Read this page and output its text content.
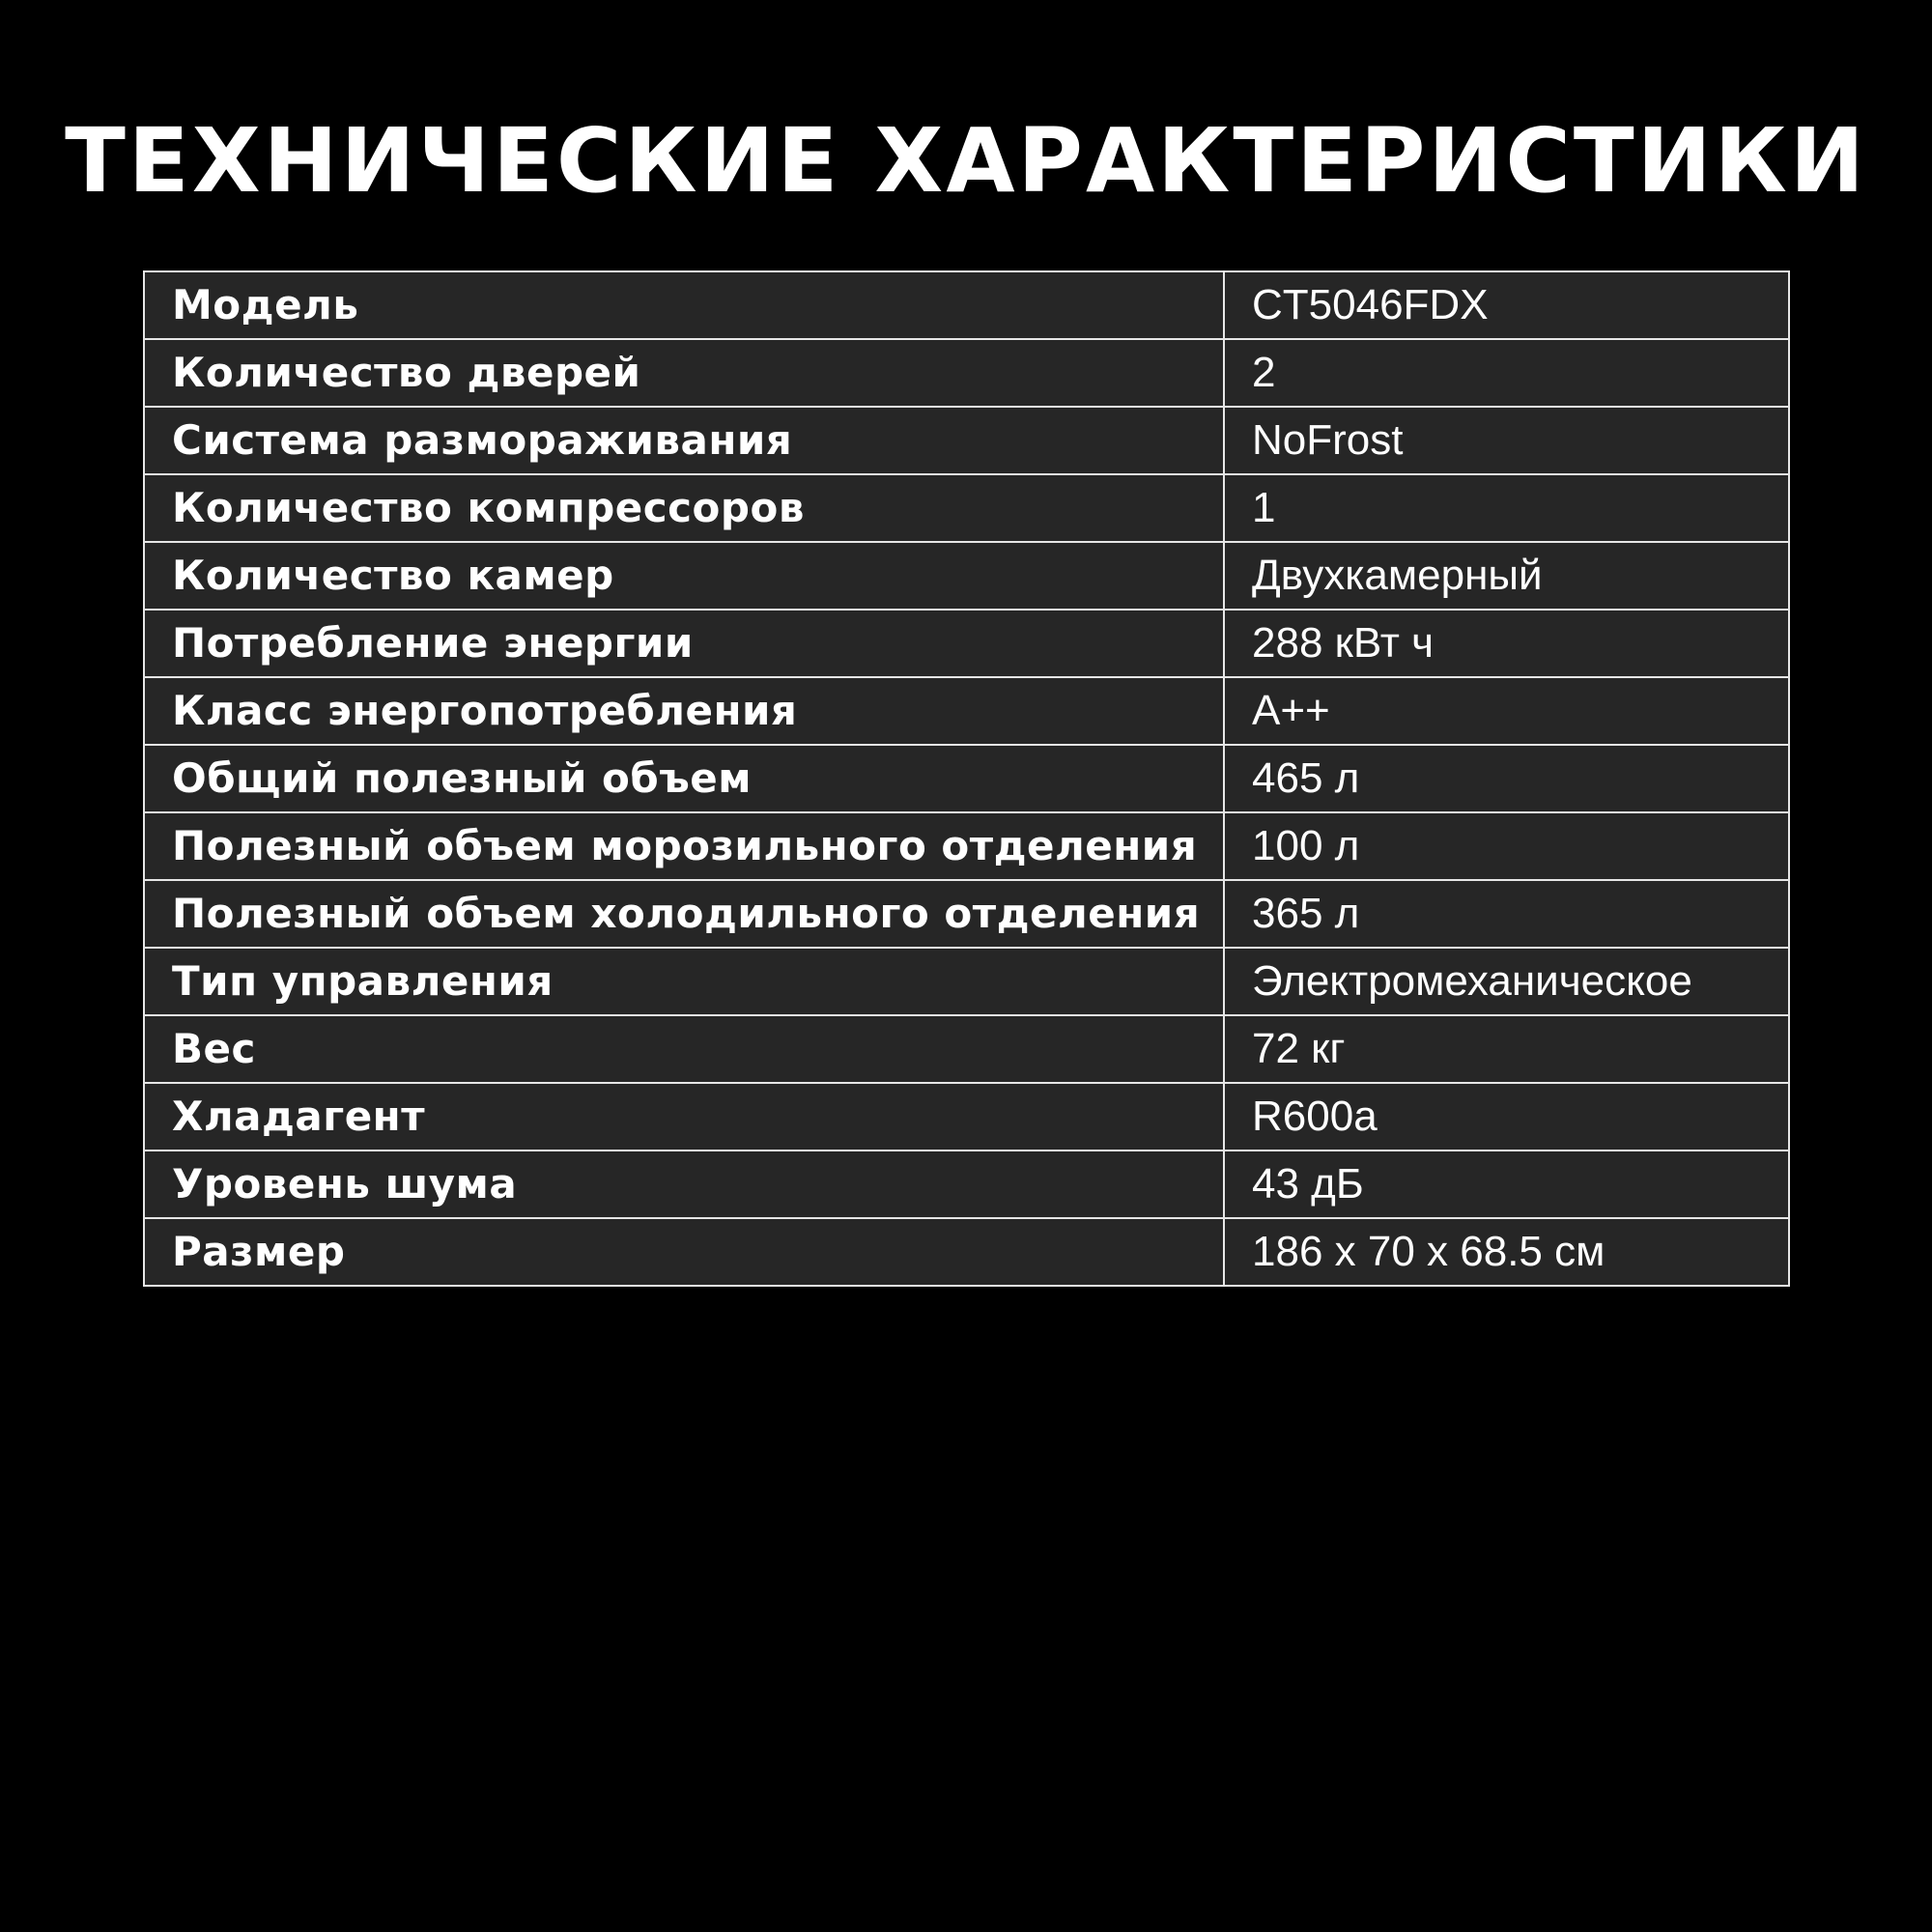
ТЕХНИЧЕСКИЕ ХАРАКТЕРИСТИКИ
Модель	CT5046FDX
Количество дверей	2
Система размораживания	NoFrost
Количество компрессоров	1
Количество камер	Двухкамерный
Потребление энергии	288 кВт ч
Класс энергопотребления	A++
Общий полезный объем	465 л
Полезный объем морозильного отделения	100 л
Полезный объем холодильного отделения	365 л
Тип управления	Электромеханическое
Вес	72 кг
Хладагент	R600a
Уровень шума	43 дБ
Размер	186 x 70 x 68.5 см
